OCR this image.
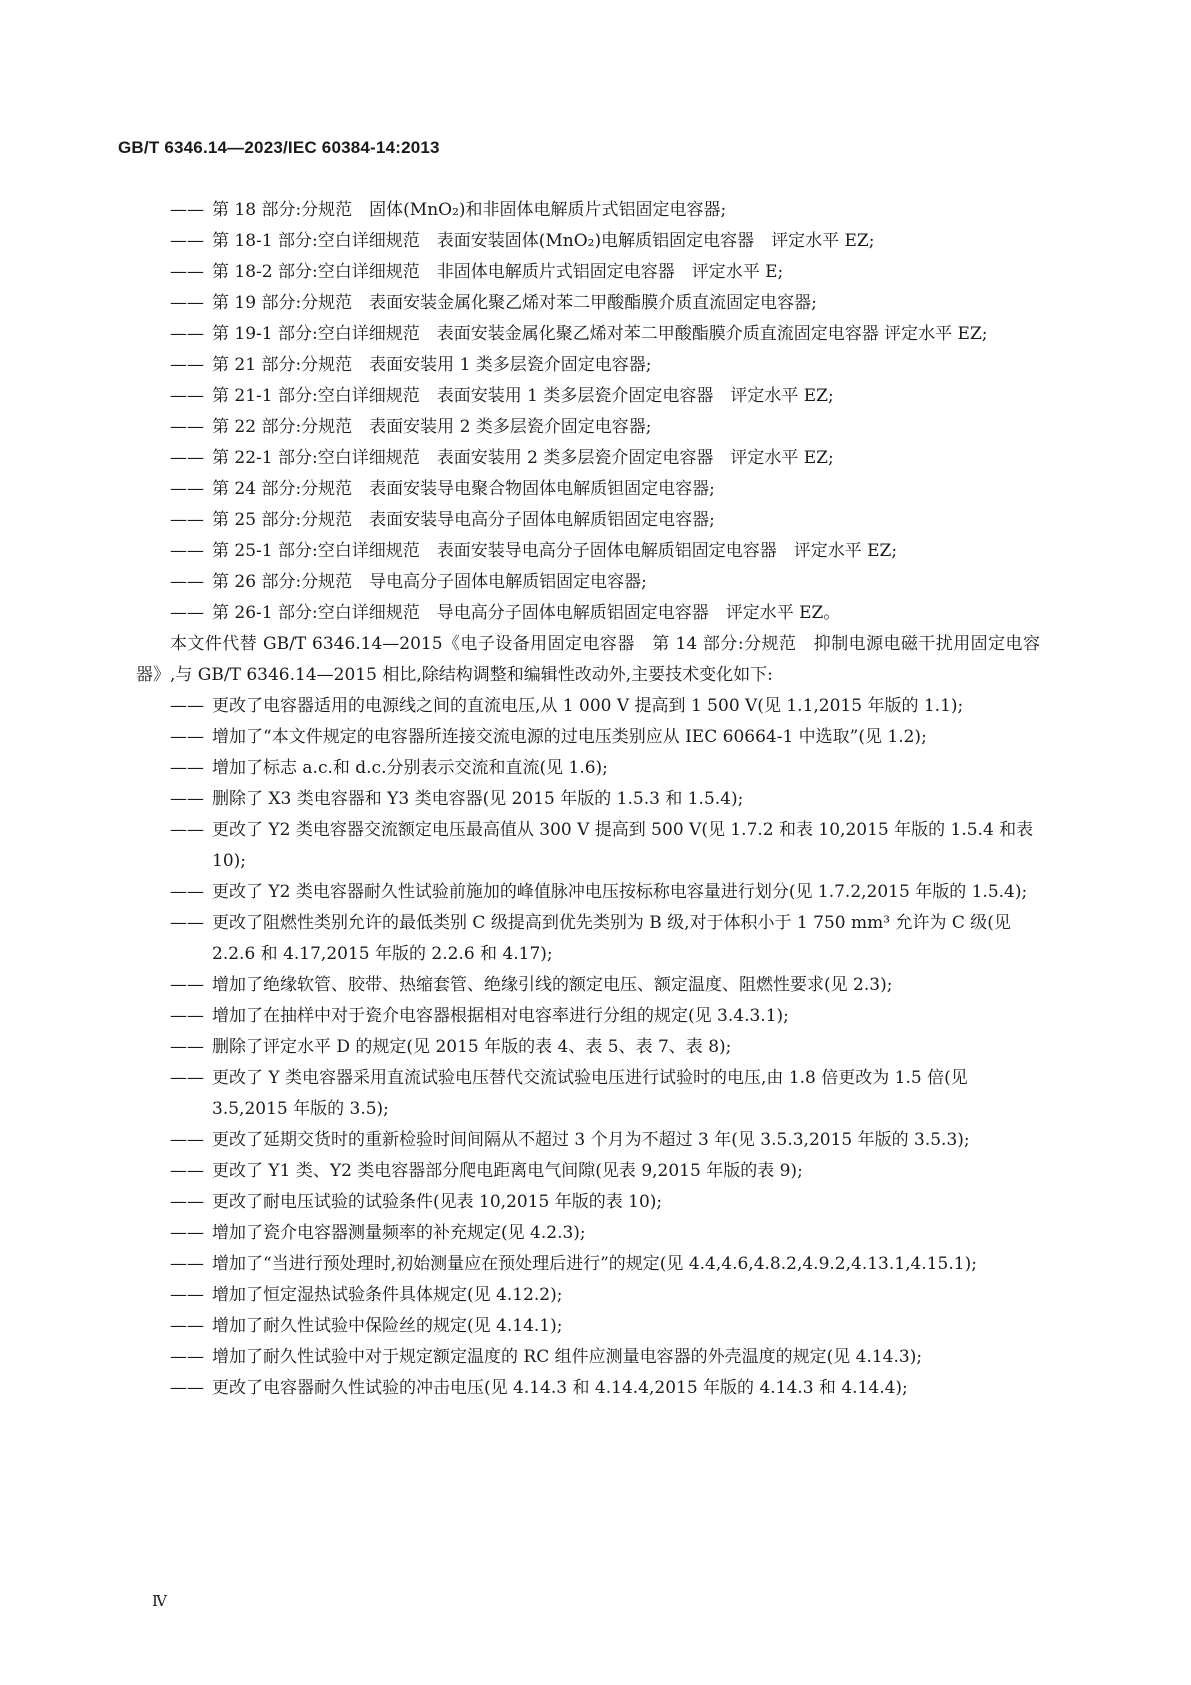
GB/T 6346.14—2023/IEC 60384-14:2013
—— 第 18 部分:分规范　固体(MnO₂)和非固体电解质片式铝固定电容器;
—— 第 18-1 部分:空白详细规范　表面安装固体(MnO₂)电解质铝固定电容器　评定水平 EZ;
—— 第 18-2 部分:空白详细规范　非固体电解质片式铝固定电容器　评定水平 E;
—— 第 19 部分:分规范　表面安装金属化聚乙烯对苯二甲酸酯膜介质直流固定电容器;
—— 第 19-1 部分:空白详细规范　表面安装金属化聚乙烯对苯二甲酸酯膜介质直流固定电容器 评定水平 EZ;
—— 第 21 部分:分规范　表面安装用 1 类多层瓷介固定电容器;
—— 第 21-1 部分:空白详细规范　表面安装用 1 类多层瓷介固定电容器　评定水平 EZ;
—— 第 22 部分:分规范　表面安装用 2 类多层瓷介固定电容器;
—— 第 22-1 部分:空白详细规范　表面安装用 2 类多层瓷介固定电容器　评定水平 EZ;
—— 第 24 部分:分规范　表面安装导电聚合物固体电解质钽固定电容器;
—— 第 25 部分:分规范　表面安装导电高分子固体电解质铝固定电容器;
—— 第 25-1 部分:空白详细规范　表面安装导电高分子固体电解质铝固定电容器　评定水平 EZ;
—— 第 26 部分:分规范　导电高分子固体电解质铝固定电容器;
—— 第 26-1 部分:空白详细规范　导电高分子固体电解质铝固定电容器　评定水平 EZ。
本文件代替 GB/T 6346.14—2015《电子设备用固定电容器　第 14 部分:分规范　抑制电源电磁干扰用固定电容器》,与 GB/T 6346.14—2015 相比,除结构调整和编辑性改动外,主要技术变化如下:
—— 更改了电容器适用的电源线之间的直流电压,从 1 000 V 提高到 1 500 V(见 1.1,2015 年版的 1.1);
—— 增加了“本文件规定的电容器所连接交流电源的过电压类别应从 IEC 60664-1 中选取”(见 1.2);
—— 增加了标志 a.c.和 d.c.分别表示交流和直流(见 1.6);
—— 删除了 X3 类电容器和 Y3 类电容器(见 2015 年版的 1.5.3 和 1.5.4);
—— 更改了 Y2 类电容器交流额定电压最高值从 300 V 提高到 500 V(见 1.7.2 和表 10,2015 年版的 1.5.4 和表 10);
—— 更改了 Y2 类电容器耐久性试验前施加的峰值脉冲电压按标称电容量进行划分(见 1.7.2,2015 年版的 1.5.4);
—— 更改了阻燃性类别允许的最低类别 C 级提高到优先类别为 B 级,对于体积小于 1 750 mm³ 允许为 C 级(见 2.2.6 和 4.17,2015 年版的 2.2.6 和 4.17);
—— 增加了绝缘软管、胶带、热缩套管、绝缘引线的额定电压、额定温度、阻燃性要求(见 2.3);
—— 增加了在抽样中对于瓷介电容器根据相对电容率进行分组的规定(见 3.4.3.1);
—— 删除了评定水平 D 的规定(见 2015 年版的表 4、表 5、表 7、表 8);
—— 更改了 Y 类电容器采用直流试验电压替代交流试验电压进行试验时的电压,由 1.8 倍更改为 1.5 倍(见 3.5,2015 年版的 3.5);
—— 更改了延期交货时的重新检验时间间隔从不超过 3 个月为不超过 3 年(见 3.5.3,2015 年版的 3.5.3);
—— 更改了 Y1 类、Y2 类电容器部分爬电距离电气间隙(见表 9,2015 年版的表 9);
—— 更改了耐电压试验的试验条件(见表 10,2015 年版的表 10);
—— 增加了瓷介电容器测量频率的补充规定(见 4.2.3);
—— 增加了“当进行预处理时,初始测量应在预处理后进行”的规定(见 4.4,4.6,4.8.2,4.9.2,4.13.1,4.15.1);
—— 增加了恒定湿热试验条件具体规定(见 4.12.2);
—— 增加了耐久性试验中保险丝的规定(见 4.14.1);
—— 增加了耐久性试验中对于规定额定温度的 RC 组件应测量电容器的外壳温度的规定(见 4.14.3);
—— 更改了电容器耐久性试验的冲击电压(见 4.14.3 和 4.14.4,2015 年版的 4.14.3 和 4.14.4);
Ⅳ
